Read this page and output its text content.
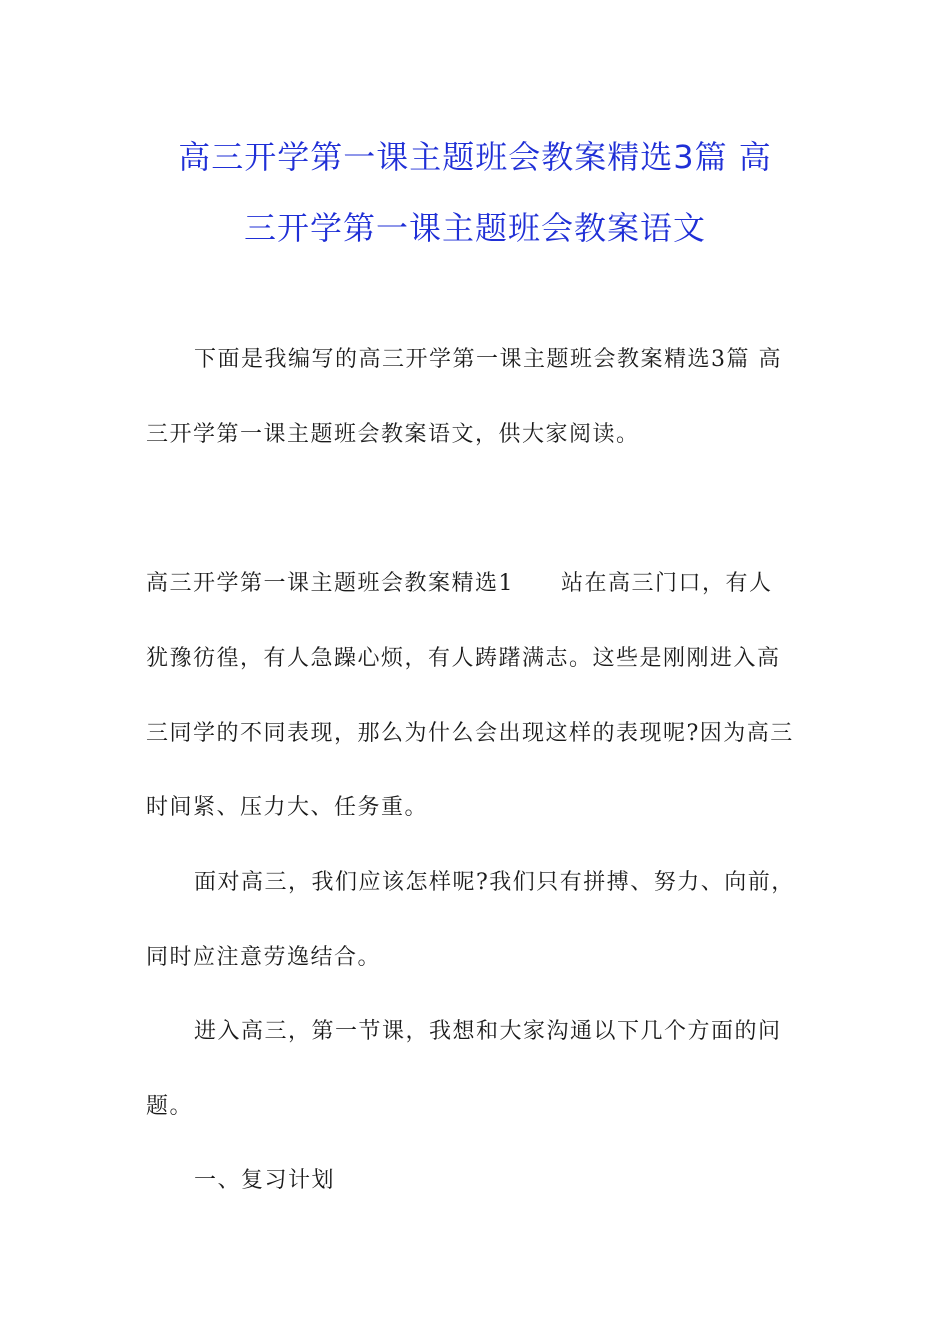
高三开学第一课主题班会教案精选3篇 高
三开学第一课主题班会教案语文
下面是我编写的高三开学第一课主题班会教案精选3篇 高
三开学第一课主题班会教案语文，供大家阅读。
高三开学第一课主题班会教案精选1　　站在高三门口，有人
犹豫彷徨，有人急躁心烦，有人踌躇满志。这些是刚刚进入高
三同学的不同表现，那么为什么会出现这样的表现呢?因为高三
时间紧、压力大、任务重。
面对高三，我们应该怎样呢?我们只有拼搏、努力、向前，
同时应注意劳逸结合。
进入高三，第一节课，我想和大家沟通以下几个方面的问
题。
一、复习计划
